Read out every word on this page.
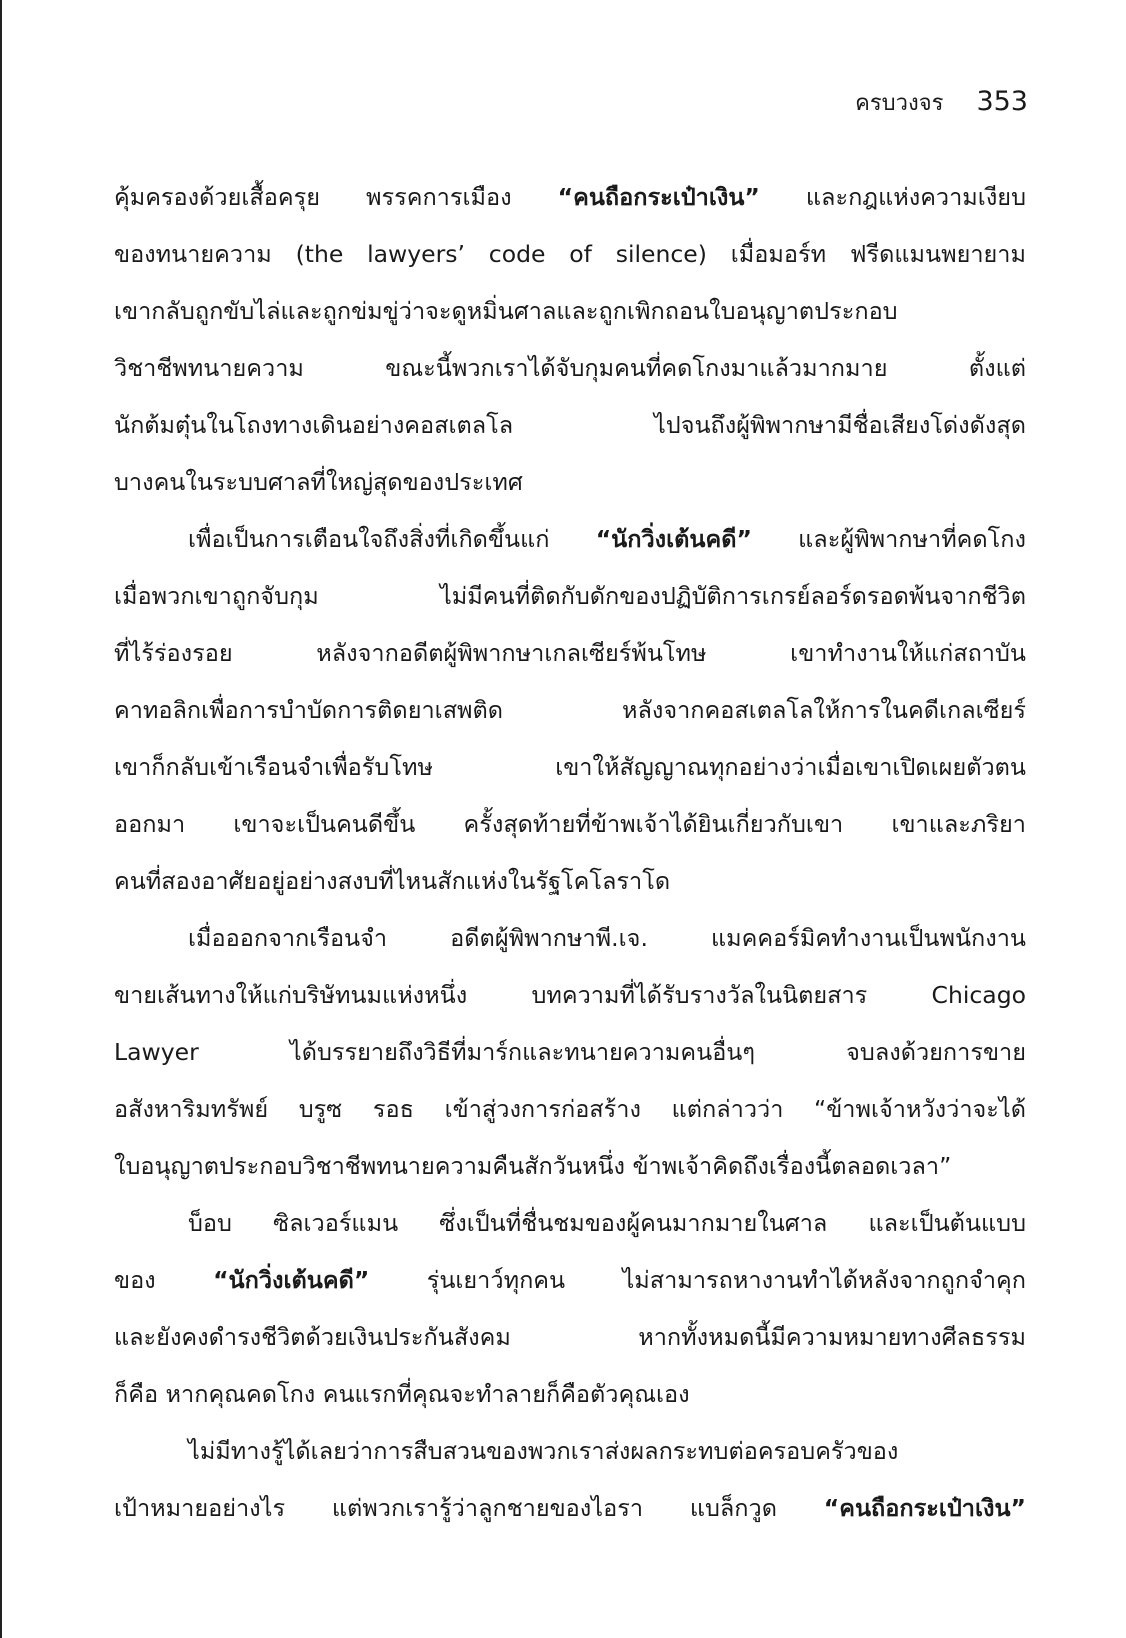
ครบวงจร 353
คุ้มครองด้วยเสื้อครุย พรรคการเมือง “คนถือกระเป๋าเงิน” และกฎแห่งความเงียบ
ของทนายความ (the lawyers’ code of silence) เมื่อมอร์ท ฟรีดแมนพยายาม
เขากลับถูกขับไล่และถูกข่มขู่ว่าจะดูหมิ่นศาลและถูกเพิกถอนใบอนุญาตประกอบ
วิชาชีพทนายความ ขณะนี้พวกเราได้จับกุมคนที่คดโกงมาแล้วมากมาย ตั้งแต่
นักต้มตุ๋นในโถงทางเดินอย่างคอสเตลโล ไปจนถึงผู้พิพากษามีชื่อเสียงโด่งดังสุด
บางคนในระบบศาลที่ใหญ่สุดของประเทศ
เพื่อเป็นการเตือนใจถึงสิ่งที่เกิดขึ้นแก่ “นักวิ่งเต้นคดี” และผู้พิพากษาที่คดโกง
เมื่อพวกเขาถูกจับกุม ไม่มีคนที่ติดกับดักของปฏิบัติการเกรย์ลอร์ดรอดพ้นจากชีวิต
ที่ไร้ร่องรอย หลังจากอดีตผู้พิพากษาเกลเซียร์พ้นโทษ เขาทำงานให้แก่สถาบัน
คาทอลิกเพื่อการบำบัดการติดยาเสพติด หลังจากคอสเตลโลให้การในคดีเกลเซียร์
เขาก็กลับเข้าเรือนจำเพื่อรับโทษ เขาให้สัญญาณทุกอย่างว่าเมื่อเขาเปิดเผยตัวตน
ออกมา เขาจะเป็นคนดีขึ้น ครั้งสุดท้ายที่ข้าพเจ้าได้ยินเกี่ยวกับเขา เขาและภริยา
คนที่สองอาศัยอยู่อย่างสงบที่ไหนสักแห่งในรัฐโคโลราโด
เมื่อออกจากเรือนจำ อดีตผู้พิพากษาพี.เจ. แมคคอร์มิคทำงานเป็นพนักงาน
ขายเส้นทางให้แก่บริษัทนมแห่งหนึ่ง บทความที่ได้รับรางวัลในนิตยสาร Chicago
Lawyer ได้บรรยายถึงวิธีที่มาร์กและทนายความคนอื่นๆ จบลงด้วยการขาย
อสังหาริมทรัพย์ บรูซ รอธ เข้าสู่วงการก่อสร้าง แต่กล่าวว่า “ข้าพเจ้าหวังว่าจะได้
ใบอนุญาตประกอบวิชาชีพทนายความคืนสักวันหนึ่ง ข้าพเจ้าคิดถึงเรื่องนี้ตลอดเวลา”
บ็อบ ซิลเวอร์แมน ซึ่งเป็นที่ชื่นชมของผู้คนมากมายในศาล และเป็นต้นแบบ
ของ “นักวิ่งเต้นคดี” รุ่นเยาว์ทุกคน ไม่สามารถหางานทำได้หลังจากถูกจำคุก
และยังคงดำรงชีวิตด้วยเงินประกันสังคม หากทั้งหมดนี้มีความหมายทางศีลธรรม
ก็คือ หากคุณคดโกง คนแรกที่คุณจะทำลายก็คือตัวคุณเอง
ไม่มีทางรู้ได้เลยว่าการสืบสวนของพวกเราส่งผลกระทบต่อครอบครัวของ
เป้าหมายอย่างไร แต่พวกเรารู้ว่าลูกชายของไอรา แบล็กวูด “คนถือกระเป๋าเงิน”
